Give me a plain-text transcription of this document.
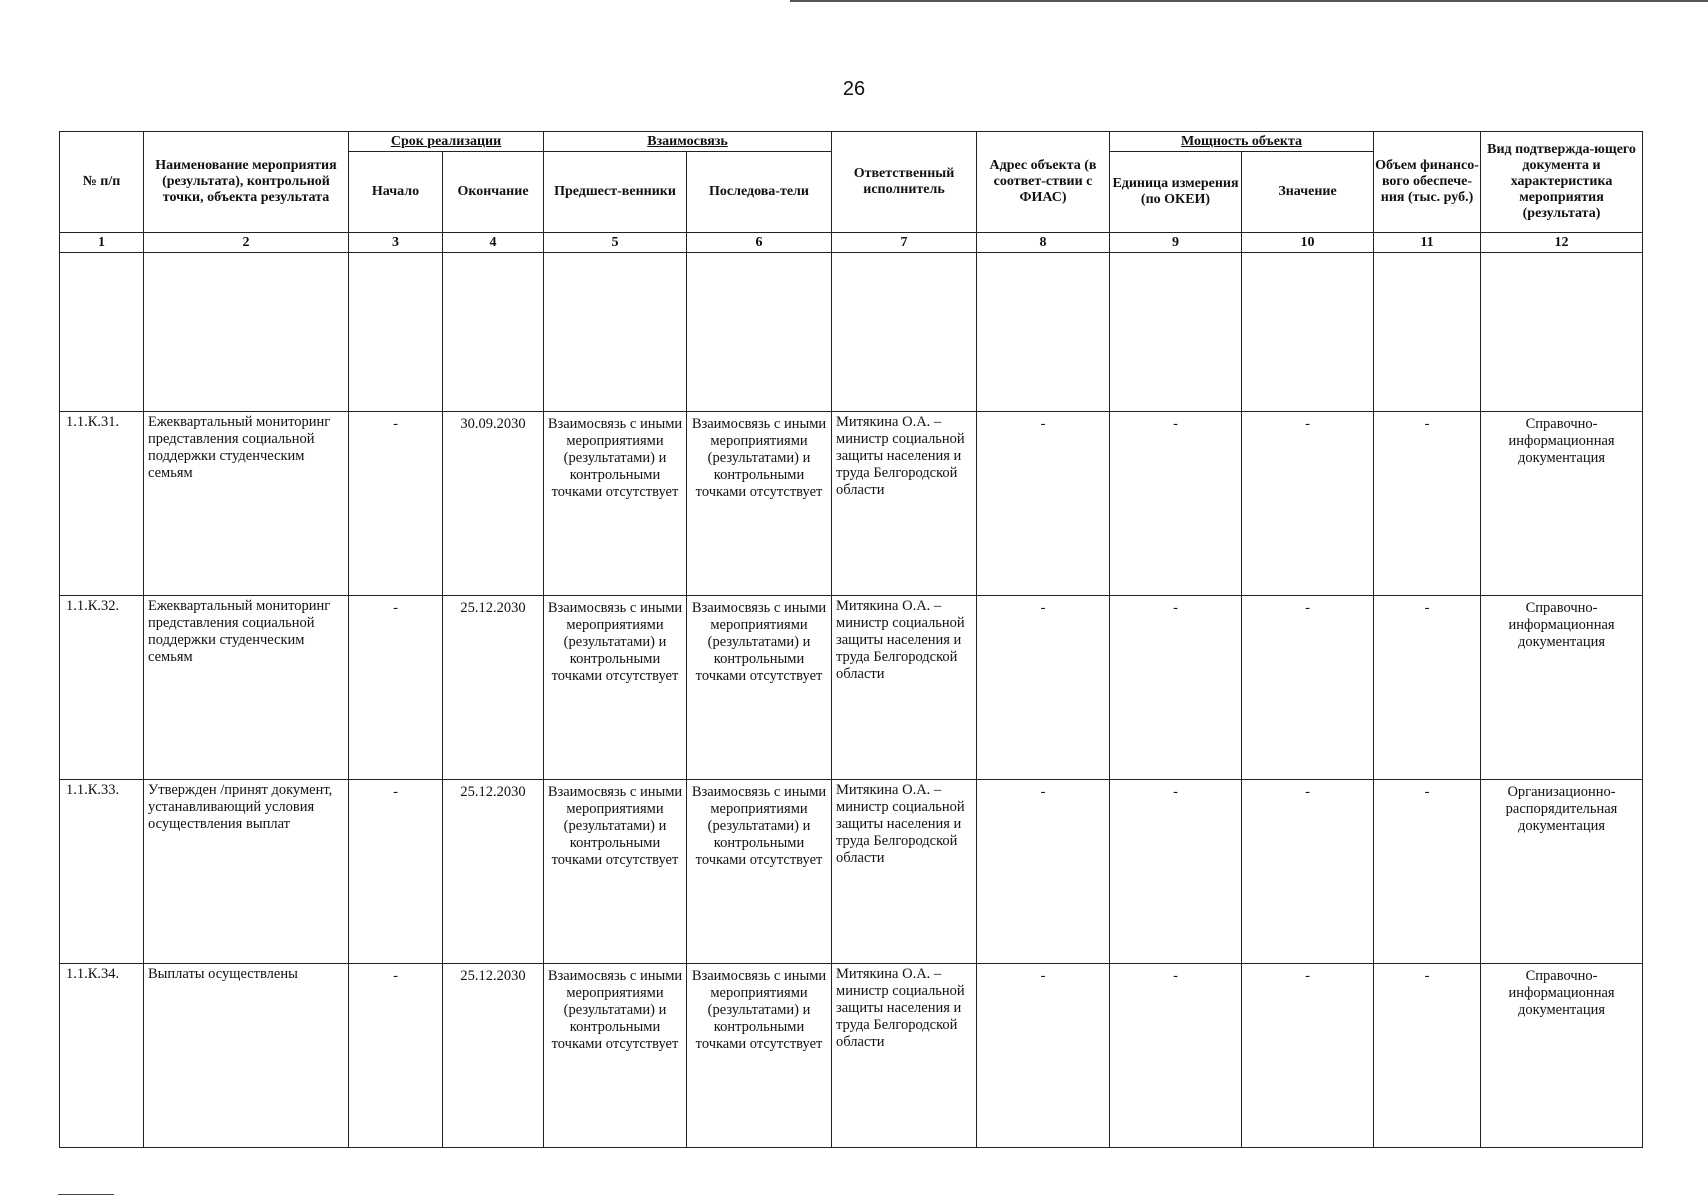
26
№ п/п	Наименование мероприятия (результата), контрольной точки, объекта результата	Срок реализации		Взаимосвязь		Ответственный исполнитель	Адрес объекта (в соответ-ствии с ФИАС)	Мощность объекта		Объем финансо-вого обеспече-ния (тыс. руб.)	Вид подтвержда-ющего документа и характеристика мероприятия (результата)
		Начало	Окончание	Предшест-венники	Последова-тели			Единица измерения (по ОКЕИ)	Значение		
1	2	3	4	5	6	7	8	9	10	11	12

1.1.К.31.	Ежеквартальный мониторинг представления социальной поддержки студенческим семьям	-	30.09.2030	Взаимосвязь с иными мероприятиями (результатами) и контрольными точками отсутствует	Взаимосвязь с иными мероприятиями (результатами) и контрольными точками отсутствует	Митякина О.А. – министр социальной защиты населения и труда Белгородской области	-	-	-	-	Справочно-информационная документация
1.1.К.32.	Ежеквартальный мониторинг представления социальной поддержки студенческим семьям	-	25.12.2030	Взаимосвязь с иными мероприятиями (результатами) и контрольными точками отсутствует	Взаимосвязь с иными мероприятиями (результатами) и контрольными точками отсутствует	Митякина О.А. – министр социальной защиты населения и труда Белгородской области	-	-	-	-	Справочно-информационная документация
1.1.К.33.	Утвержден /принят документ, устанавливающий условия осуществления выплат	-	25.12.2030	Взаимосвязь с иными мероприятиями (результатами) и контрольными точками отсутствует	Взаимосвязь с иными мероприятиями (результатами) и контрольными точками отсутствует	Митякина О.А. – министр социальной защиты населения и труда Белгородской области	-	-	-	-	Организационно-распорядительная документация
1.1.К.34.	Выплаты осуществлены	-	25.12.2030	Взаимосвязь с иными мероприятиями (результатами) и контрольными точками отсутствует	Взаимосвязь с иными мероприятиями (результатами) и контрольными точками отсутствует	Митякина О.А. – министр социальной защиты населения и труда Белгородской области	-	-	-	-	Справочно-информационная документация
